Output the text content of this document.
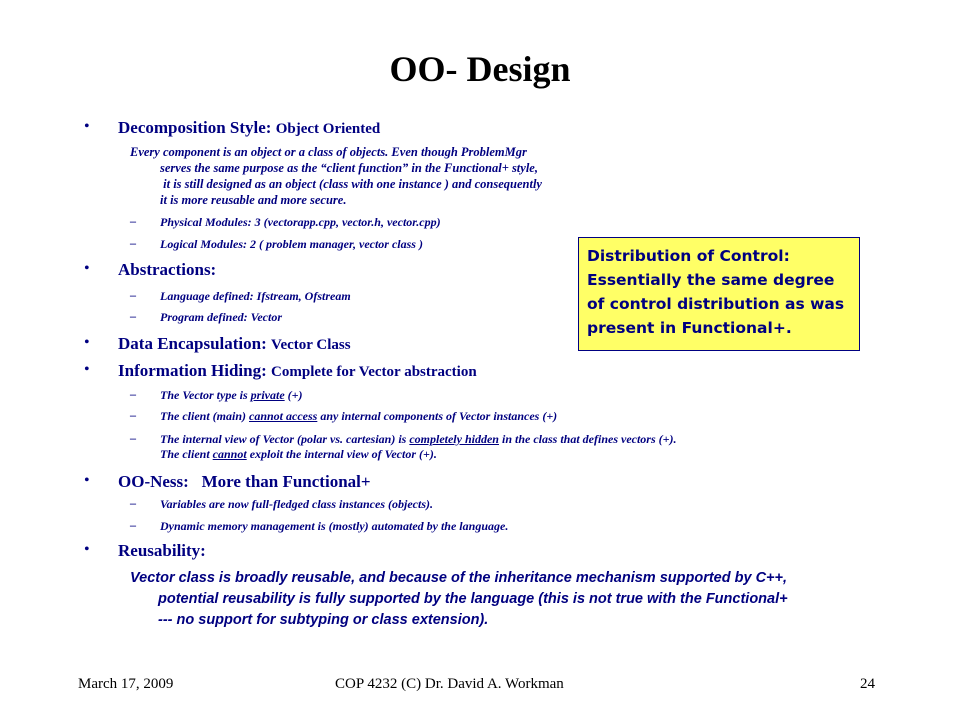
OO- Design
• Decomposition Style: Object Oriented
Every component is an object or a class of objects. Even though ProblemMgr
serves the same purpose as the “client function” in the Functional+ style,
it is still designed as an object (class with one instance ) and consequently
it is more reusable and more secure.
– Physical Modules: 3 (vectorapp.cpp, vector.h, vector.cpp)
– Logical Modules: 2 ( problem manager, vector class )
• Abstractions:
– Language defined: Ifstream, Ofstream
– Program defined: Vector
• Data Encapsulation: Vector Class
• Information Hiding: Complete for Vector abstraction
– The Vector type is private (+)
– The client (main) cannot access any internal components of Vector instances (+)
– The internal view of Vector (polar vs. cartesian) is completely hidden in the class that defines vectors (+).
The client cannot exploit the internal view of Vector (+).
• OO-Ness:   More than Functional+
– Variables are now full-fledged class instances (objects).
– Dynamic memory management is (mostly) automated by the language.
• Reusability:
Vector class is broadly reusable, and because of the inheritance mechanism supported by C++,
potential reusability is fully supported by the language (this is not true with the Functional+
--- no support for subtyping or class extension).
Distribution of Control:
Essentially the same degree
of control distribution as was
present in Functional+.
March 17, 2009	COP 4232 (C) Dr. David A. Workman	24
